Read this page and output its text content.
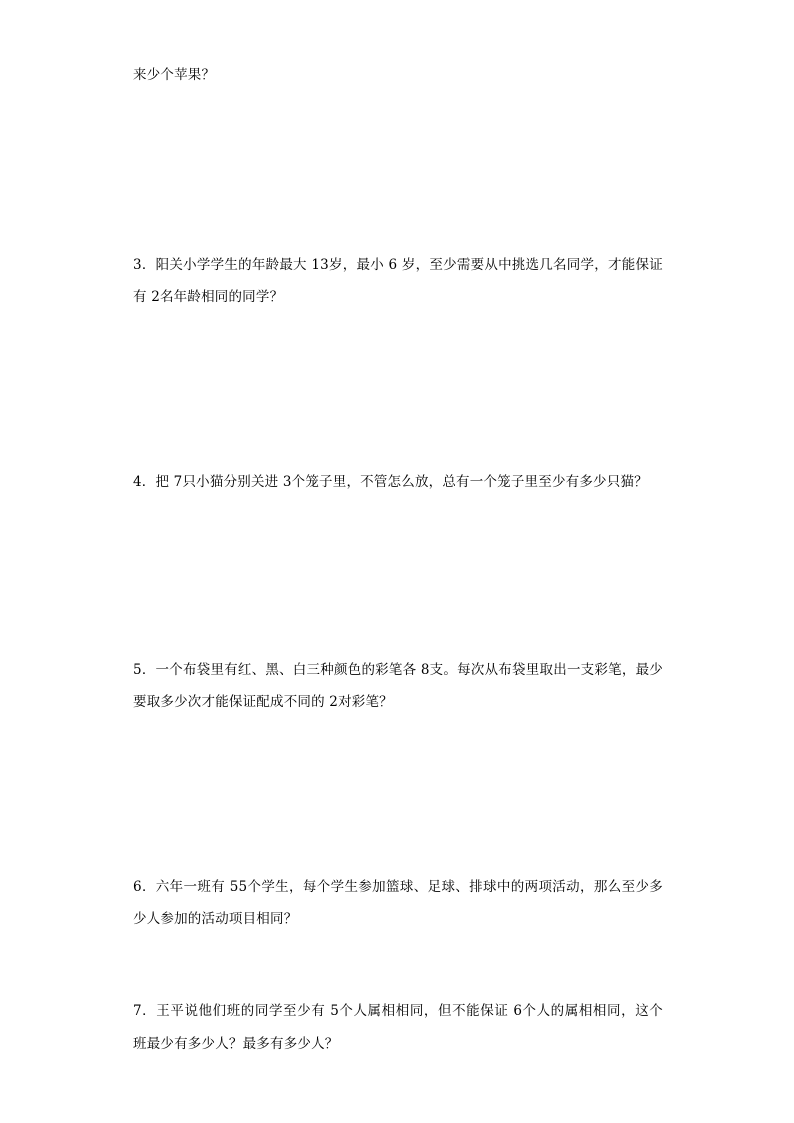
来少个苹果？
3．阳关小学学生的年龄最大 13岁，最小 6 岁，至少需要从中挑选几名同学，才能保证
有 2名年龄相同的同学？
4．把 7只小猫分别关进 3个笼子里，不管怎么放，总有一个笼子里至少有多少只猫？
5．一个布袋里有红、黑、白三种颜色的彩笔各 8支。每次从布袋里取出一支彩笔，最少
要取多少次才能保证配成不同的 2对彩笔？
6．六年一班有 55个学生，每个学生参加篮球、足球、排球中的两项活动，那么至少多
少人参加的活动项目相同？
7．王平说他们班的同学至少有 5个人属相相同，但不能保证 6个人的属相相同，这个
班最少有多少人？最多有多少人？
